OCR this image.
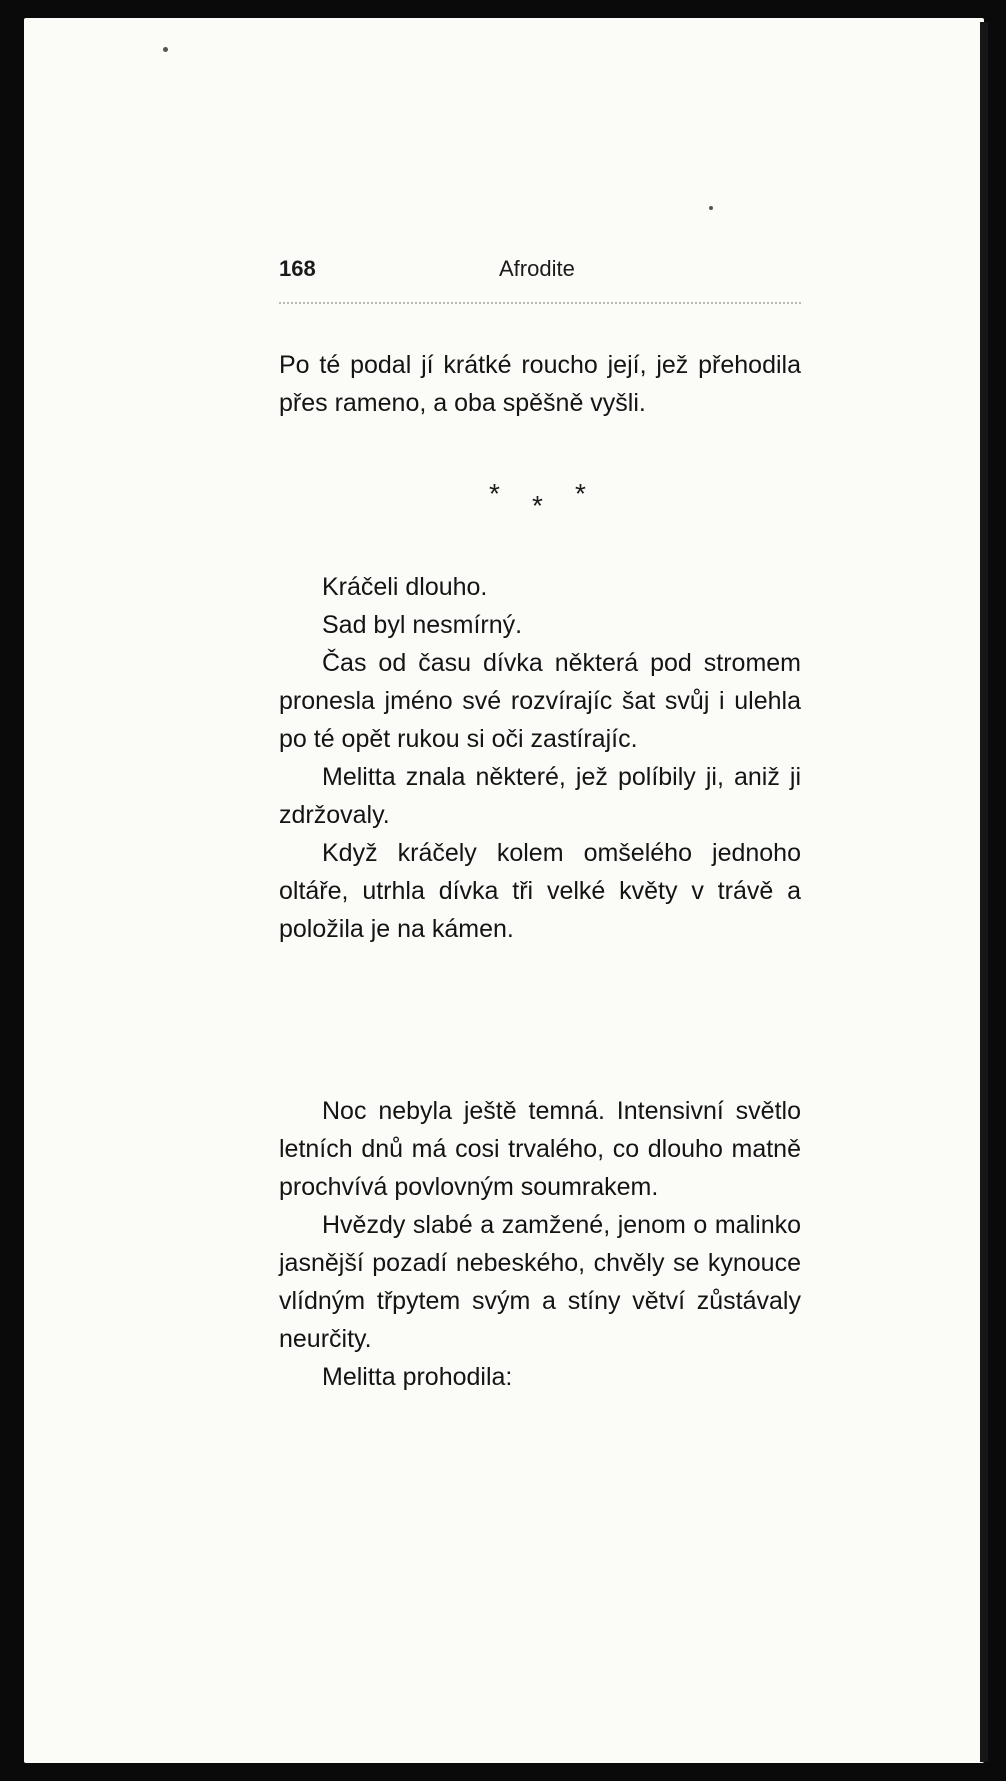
168	Afrodite

Po té podal jí krátké roucho její, jež přehodila přes rameno, a oba spěšně vyšli.

* * *

Kráčeli dlouho.

Sad byl nesmírný.

Čas od času dívka některá pod stromem pronesla jméno své rozvírajíc šat svůj i ulehla po té opět rukou si oči zastírajíc.

Melitta znala některé, jež políbily ji, aniž ji zdržovaly.

Když kráčely kolem omšelého jednoho oltáře, utrhla dívka tři velké květy v trávě a položila je na kámen.

Noc nebyla ještě temná. Intensivní světlo letních dnů má cosi trvalého, co dlouho matně prochvívá povlovným soumrakem.

Hvězdy slabé a zamžené, jenom o malinko jasnější pozadí nebeského, chvěly se kynouce vlídným třpytem svým a stíny větví zůstávaly neurčity.

Melitta prohodila:
